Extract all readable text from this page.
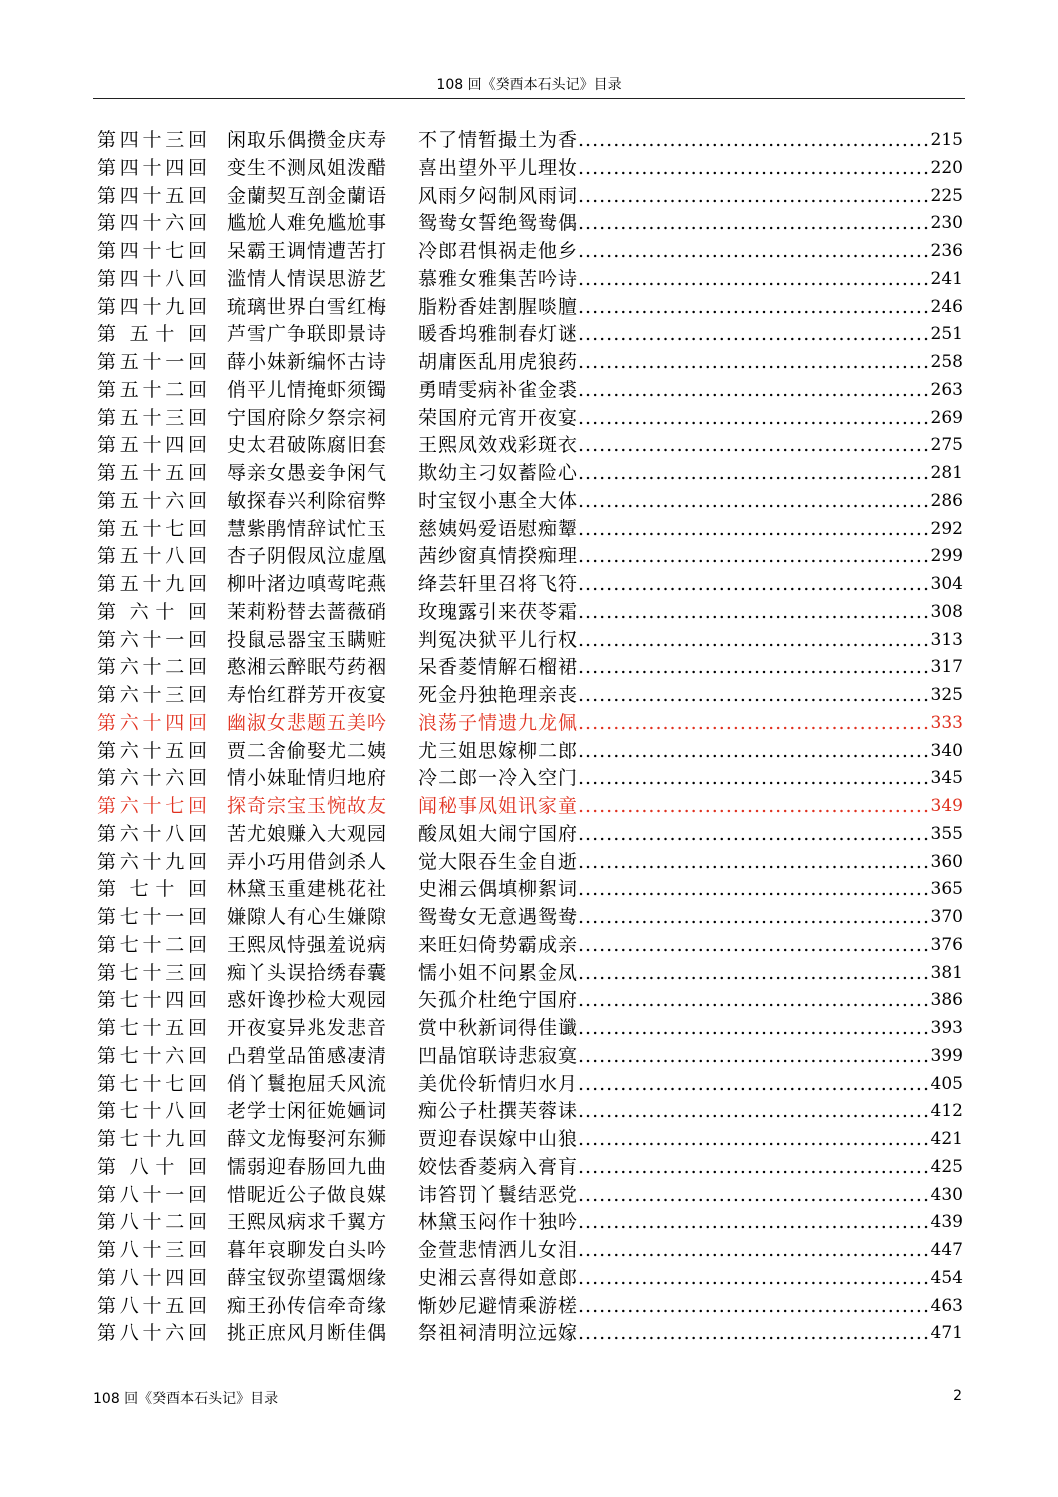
108 回《癸酉本石头记》目录
第 四 十 三 回 闲取乐偶攒金庆寿 不了情暂撮土为香 .....	215
第 四 十 四 回 变生不测凤姐泼醋 喜出望外平儿理妆 .....	220
第 四 十 五 回 金蘭契互剖金蘭语 风雨夕闷制风雨词 .....	225
第 四 十 六 回 尴尬人难免尴尬事 鸳鸯女誓绝鸳鸯偶 .....	230
第 四 十 七 回 呆霸王调情遭苦打 冷郎君惧祸走他乡 .....	236
第 四 十 八 回 滥情人情误思游艺 慕雅女雅集苦吟诗 .....	241
第 四 十 九 回 琉璃世界白雪红梅 脂粉香娃割腥啖膻 .....	246
第 五 十 回 芦雪广争联即景诗 暖香坞雅制春灯谜 .....	251
第 五 十 一 回 薛小妹新编怀古诗 胡庸医乱用虎狼药 .....	258
第 五 十 二 回 俏平儿情掩虾须镯 勇晴雯病补雀金裘 .....	263
第 五 十 三 回 宁国府除夕祭宗祠 荣国府元宵开夜宴 .....	269
第 五 十 四 回 史太君破陈腐旧套 王熙凤效戏彩斑衣 .....	275
第 五 十 五 回 辱亲女愚妾争闲气 欺幼主刁奴蓄险心 .....	281
第 五 十 六 回 敏探春兴利除宿弊 时宝钗小惠全大体 .....	286
第 五 十 七 回 慧紫鹃情辞试忙玉 慈姨妈爱语慰痴颦 .....	292
第 五 十 八 回 杏子阴假凤泣虚凰 茜纱窗真情揆痴理 .....	299
第 五 十 九 回 柳叶渚边嗔莺咤燕 绛芸轩里召将飞符 .....	304
第 六 十 回 茉莉粉替去蔷薇硝 玫瑰露引来茯苓霜 .....	308
第 六 十 一 回 投鼠忌器宝玉瞒赃 判冤决狱平儿行权 .....	313
第 六 十 二 回 憨湘云醉眠芍药裀 呆香菱情解石榴裙 .....	317
第 六 十 三 回 寿怡红群芳开夜宴 死金丹独艳理亲丧 .....	325
第 六 十 四 回 幽淑女悲题五美吟 浪荡子情遗九龙佩 .....	333
第 六 十 五 回 贾二舍偷娶尤二姨 尤三姐思嫁柳二郎 .....	340
第 六 十 六 回 情小妹耻情归地府 冷二郎一冷入空门 .....	345
第 六 十 七 回 探奇宗宝玉惋故友 闻秘事凤姐讯家童 .....	349
第 六 十 八 回 苦尤娘赚入大观园 酸凤姐大闹宁国府 .....	355
第 六 十 九 回 弄小巧用借剑杀人 觉大限吞生金自逝 .....	360
第 七 十 回 林黛玉重建桃花社 史湘云偶填柳絮词 .....	365
第 七 十 一 回 嫌隙人有心生嫌隙 鸳鸯女无意遇鸳鸯 .....	370
第 七 十 二 回 王熙凤恃强羞说病 来旺妇倚势霸成亲 .....	376
第 七 十 三 回 痴丫头误拾绣春囊 懦小姐不问累金凤 .....	381
第 七 十 四 回 惑奸谗抄检大观园 矢孤介杜绝宁国府 .....	386
第 七 十 五 回 开夜宴异兆发悲音 赏中秋新词得佳谶 .....	393
第 七 十 六 回 凸碧堂品笛感凄清 凹晶馆联诗悲寂寞 .....	399
第 七 十 七 回 俏丫鬟抱屈夭风流 美优伶斩情归水月 .....	405
第 七 十 八 回 老学士闲征姽婳词 痴公子杜撰芙蓉诔 .....	412
第 七 十 九 回 薛文龙悔娶河东狮 贾迎春误嫁中山狼 .....	421
第 八 十 回 懦弱迎春肠回九曲 姣怯香菱病入膏肓 .....	425
第 八 十 一 回 惜昵近公子做良媒 讳笞罚丫鬟结恶党 .....	430
第 八 十 二 回 王熙凤病求千翼方 林黛玉闷作十独吟 .....	439
第 八 十 三 回 暮年哀聊发白头吟 金萱悲情洒儿女泪 .....	447
第 八 十 四 回 薛宝钗弥望霭烟缘 史湘云喜得如意郎 .....	454
第 八 十 五 回 痴王孙传信牵奇缘 惭妙尼避情乘游槎 .....	463
第 八 十 六 回 挑正庶风月断佳偶 祭祖祠清明泣远嫁 .....	471
108 回《癸酉本石头记》目录	2
